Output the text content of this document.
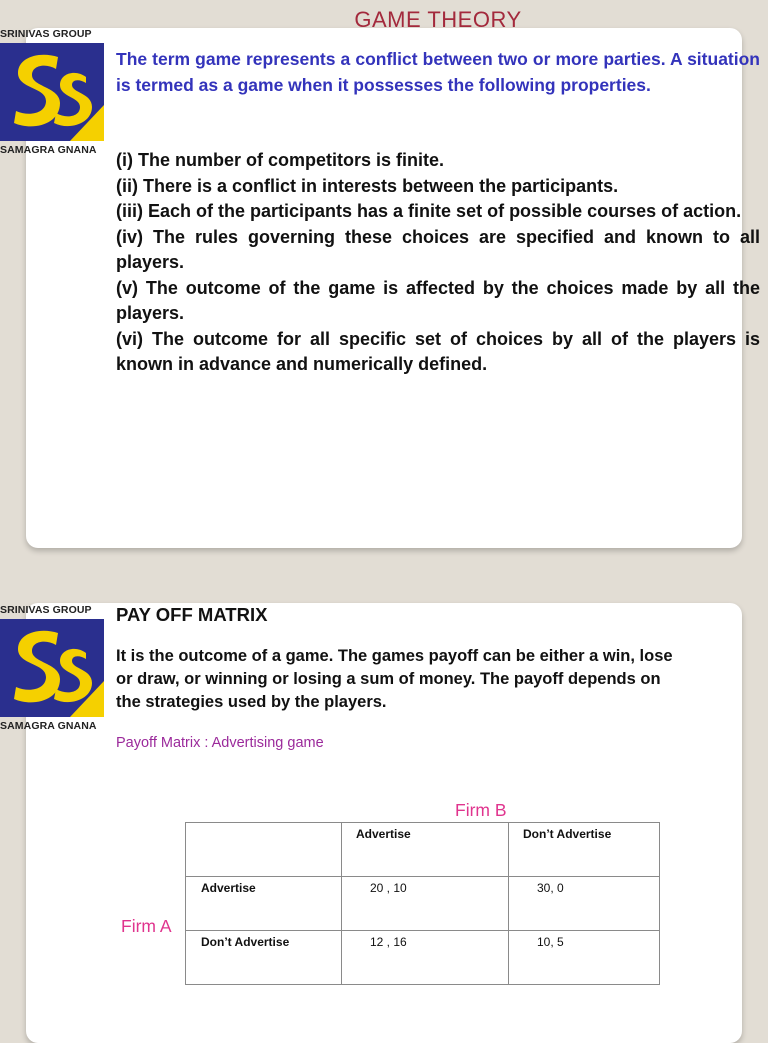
SRINIVAS GROUP
SAMAGRA GNANA
GAME THEORY

The term game represents a conflict between two or more parties. A situation is termed as a game when it possesses the following properties.

(i) The number of competitors is finite.
(ii) There is a conflict in interests between the participants.
(iii) Each of the participants has a finite set of possible courses of action.
(iv) The rules governing these choices are specified and known to all players.
(v) The outcome of the game is affected by the choices made by all the players.
(vi) The outcome for all specific set of choices by all of the players is known in advance and numerically defined.
SRINIVAS GROUP
SAMAGRA GNANA
PAY OFF MATRIX

It is the outcome of a game. The games payoff can be either a win, lose
or draw, or winning or losing a sum of money. The payoff depends on
the strategies used by the players.

Payoff Matrix : Advertising game
Firm B
Firm A

	Advertise	Don’t Advertise

Advertise	20 , 10	30, 0

Don’t Advertise	12 , 16	10, 5
